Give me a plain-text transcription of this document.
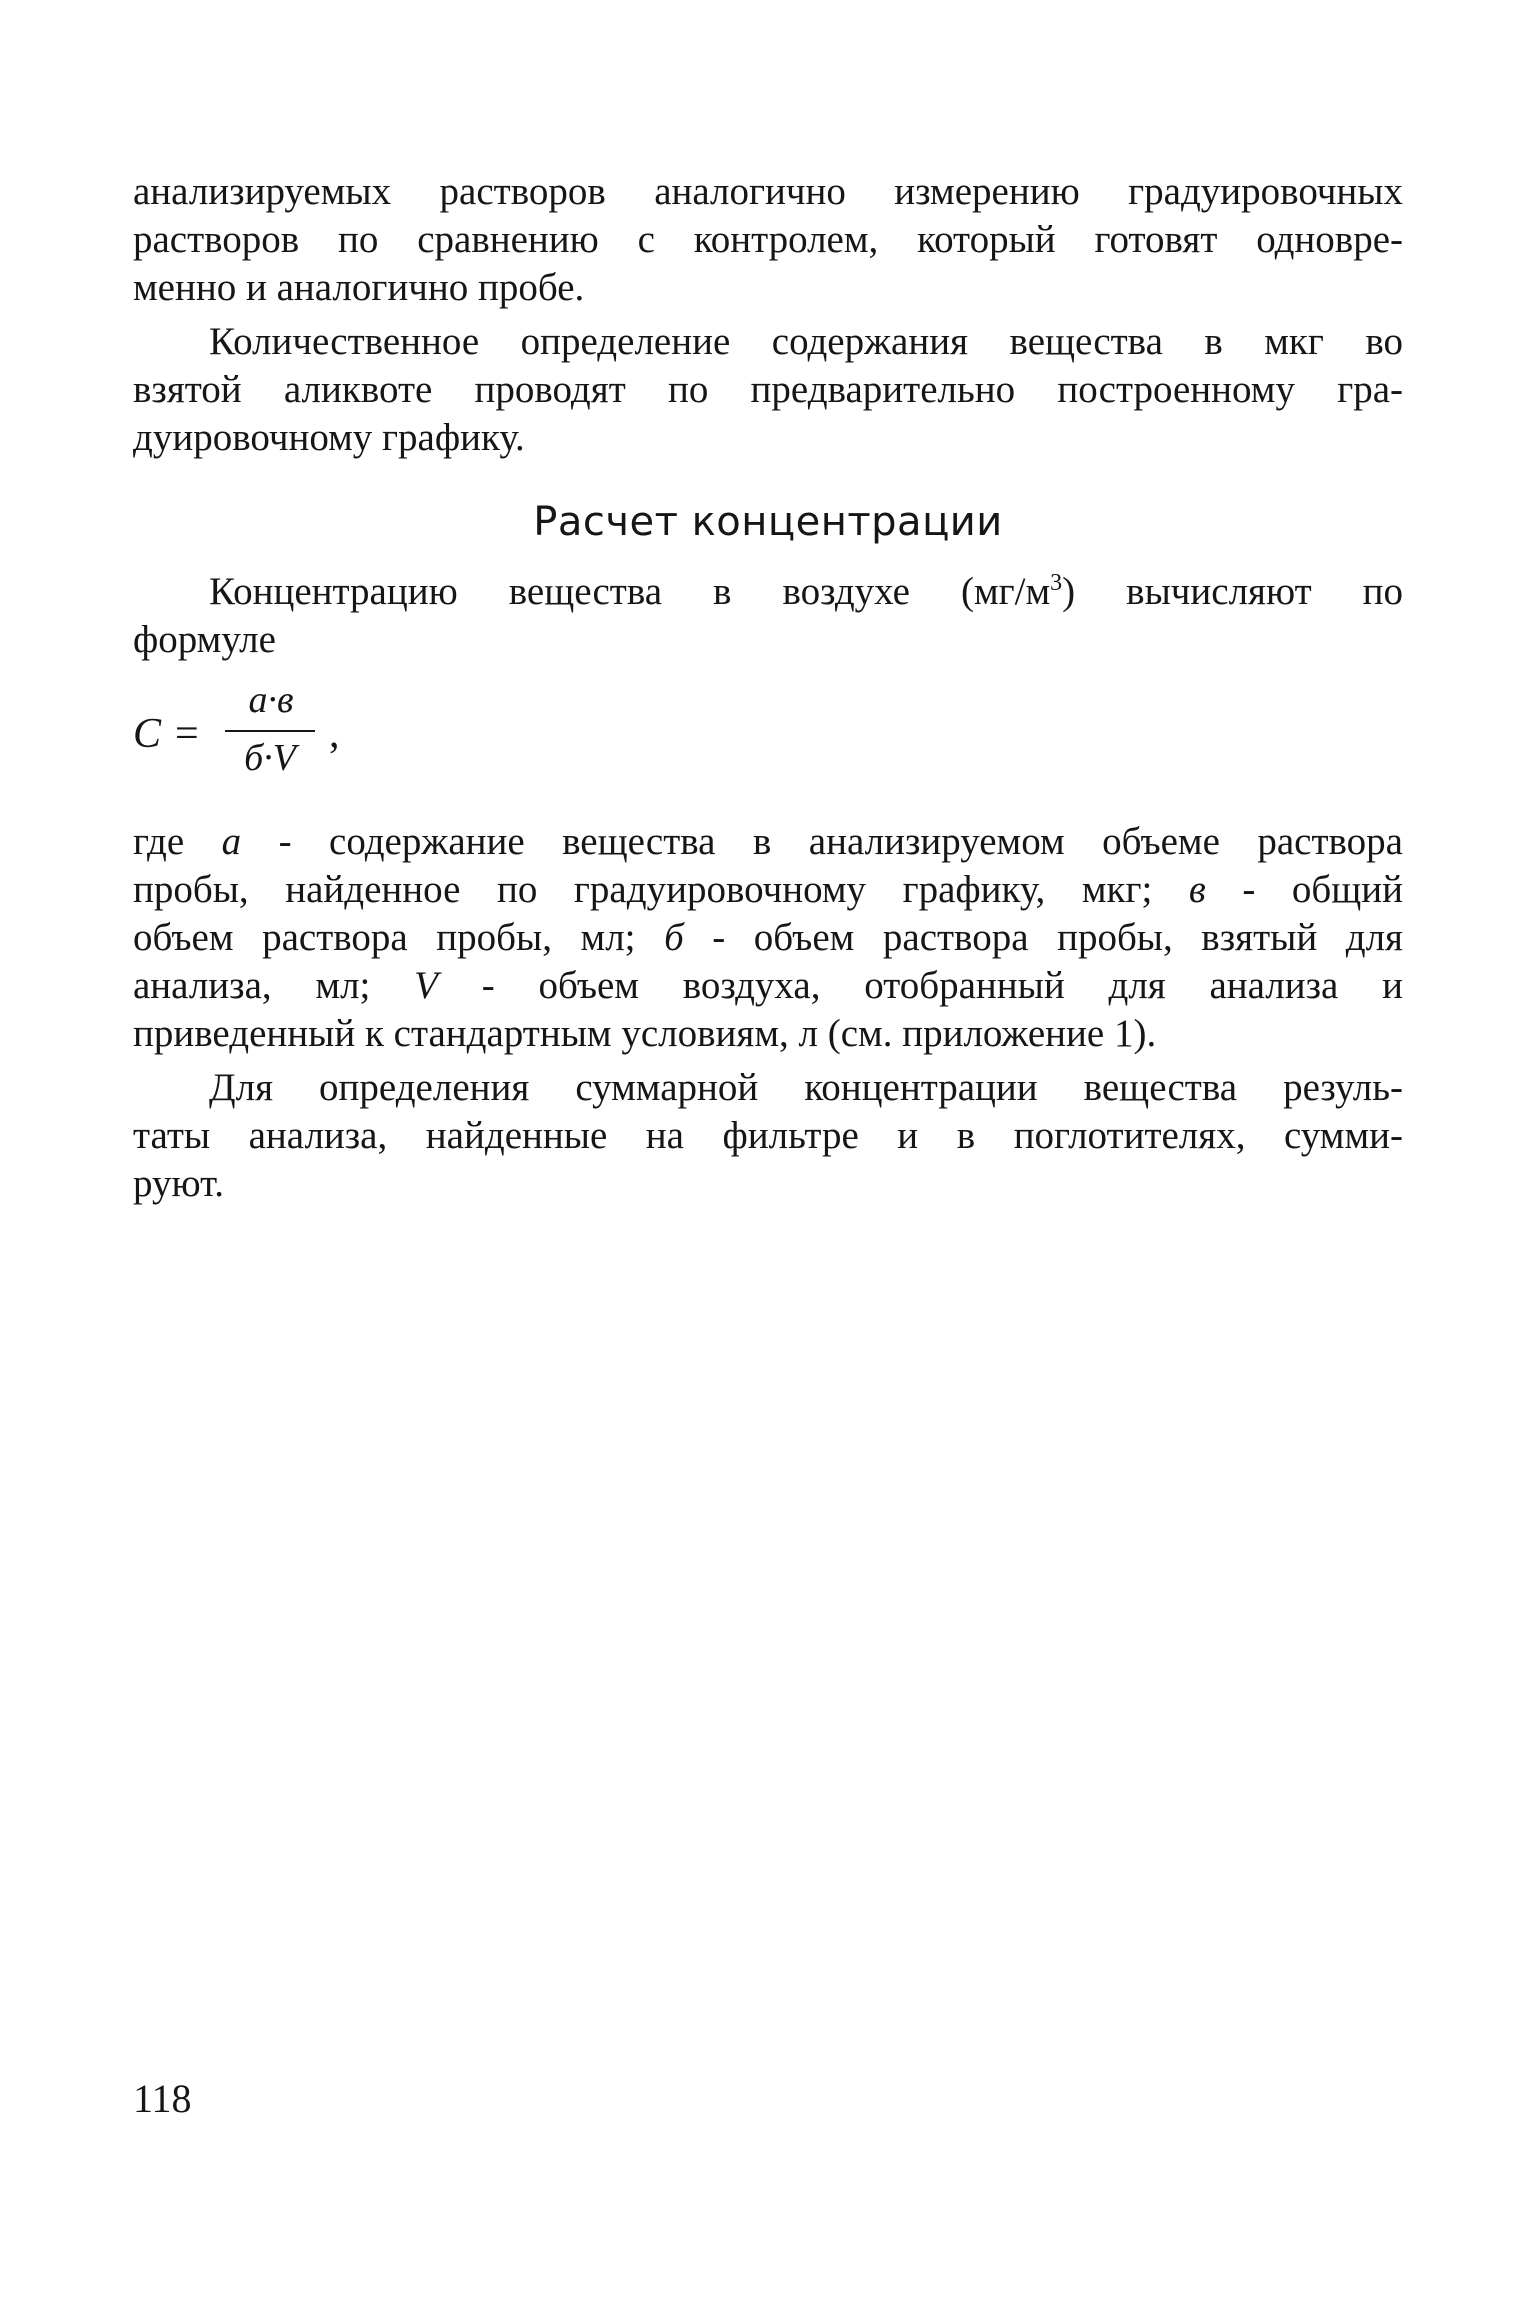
анализируемых растворов аналогично измерению градуировочных
растворов по сравнению с контролем, который готовят одновре-
менно и аналогично пробе.

Количественное определение содержания вещества в мкг во
взятой аликвоте проводят по предварительно построенному гра-
дуировочному графику.

Расчет концентрации

Концентрацию вещества в воздухе $(мг/м^3)$ вычисляют по
формуле

С =
а·в
б·V
,

где а - содержание вещества в анализируемом объеме раствора
пробы, найденное по градуировочному графику, мкг; в - общий
объем раствора пробы, мл; б - объем раствора пробы, взятый для
анализа, мл; V - объем воздуха, отобранный для анализа и
приведенный к стандартным условиям, л (см. приложение 1).

Для определения суммарной концентрации вещества резуль-
таты анализа, найденные на фильтре и в поглотителях, сумми-
руют.

118
